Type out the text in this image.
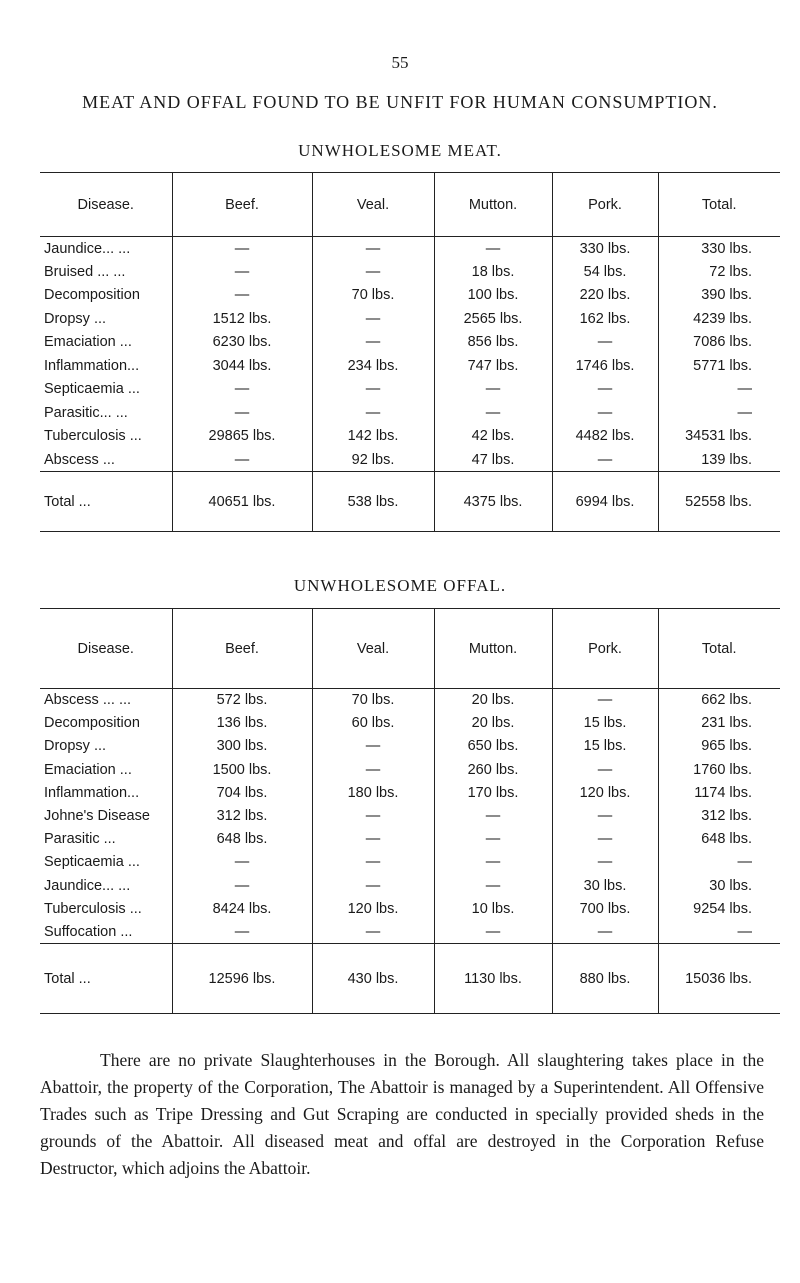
55
MEAT AND OFFAL FOUND TO BE UNFIT FOR HUMAN CONSUMPTION.
UNWHOLESOME MEAT.
Disease.	Beef.	Veal.	Mutton.	Pork.	Total.
Jaundice... ...	—	—	—	330 lbs.	330 lbs.
Bruised ... ...	—	—	18 lbs.	54 lbs.	72 lbs.
Decomposition	—	70 lbs.	100 lbs.	220 lbs.	390 lbs.
Dropsy ...	1512 lbs.	—	2565 lbs.	162 lbs.	4239 lbs.
Emaciation ...	6230 lbs.	—	856 lbs.	—	7086 lbs.
Inflammation...	3044 lbs.	234 lbs.	747 lbs.	1746 lbs.	5771 lbs.
Septicaemia ...	—	—	—	—	—
Parasitic... ...	—	—	—	—	—
Tuberculosis ...	29865 lbs.	142 lbs.	42 lbs.	4482 lbs.	34531 lbs.
Abscess ...	—	92 lbs.	47 lbs.	—	139 lbs.
Total ...	40651 lbs.	538 lbs.	4375 lbs.	6994 lbs.	52558 lbs.
UNWHOLESOME OFFAL.
Disease.	Beef.	Veal.	Mutton.	Pork.	Total.
Abscess ... ...	572 lbs.	70 lbs.	20 lbs.	—	662 lbs.
Decomposition	136 lbs.	60 lbs.	20 lbs.	15 lbs.	231 lbs.
Dropsy ...	300 lbs.	—	650 lbs.	15 lbs.	965 lbs.
Emaciation ...	1500 lbs.	—	260 lbs.	—	1760 lbs.
Inflammation...	704 lbs.	180 lbs.	170 lbs.	120 lbs.	1174 lbs.
Johne's Disease	312 lbs.	—	—	—	312 lbs.
Parasitic ...	648 lbs.	—	—	—	648 lbs.
Septicaemia ...	—	—	—	—	—
Jaundice... ...	—	—	—	30 lbs.	30 lbs.
Tuberculosis ...	8424 lbs.	120 lbs.	10 lbs.	700 lbs.	9254 lbs.
Suffocation ...	—	—	—	—	—
Total ...	12596 lbs.	430 lbs.	1130 lbs.	880 lbs.	15036 lbs.

There are no private Slaughterhouses in the Borough. All slaughtering takes place in the Abattoir, the property of the Corporation, The Abattoir is managed by a Superintendent. All Offensive Trades such as Tripe Dressing and Gut Scraping are conducted in specially provided sheds in the grounds of the Abattoir. All diseased meat and offal are destroyed in the Corporation Refuse Destructor, which adjoins the Abattoir.
